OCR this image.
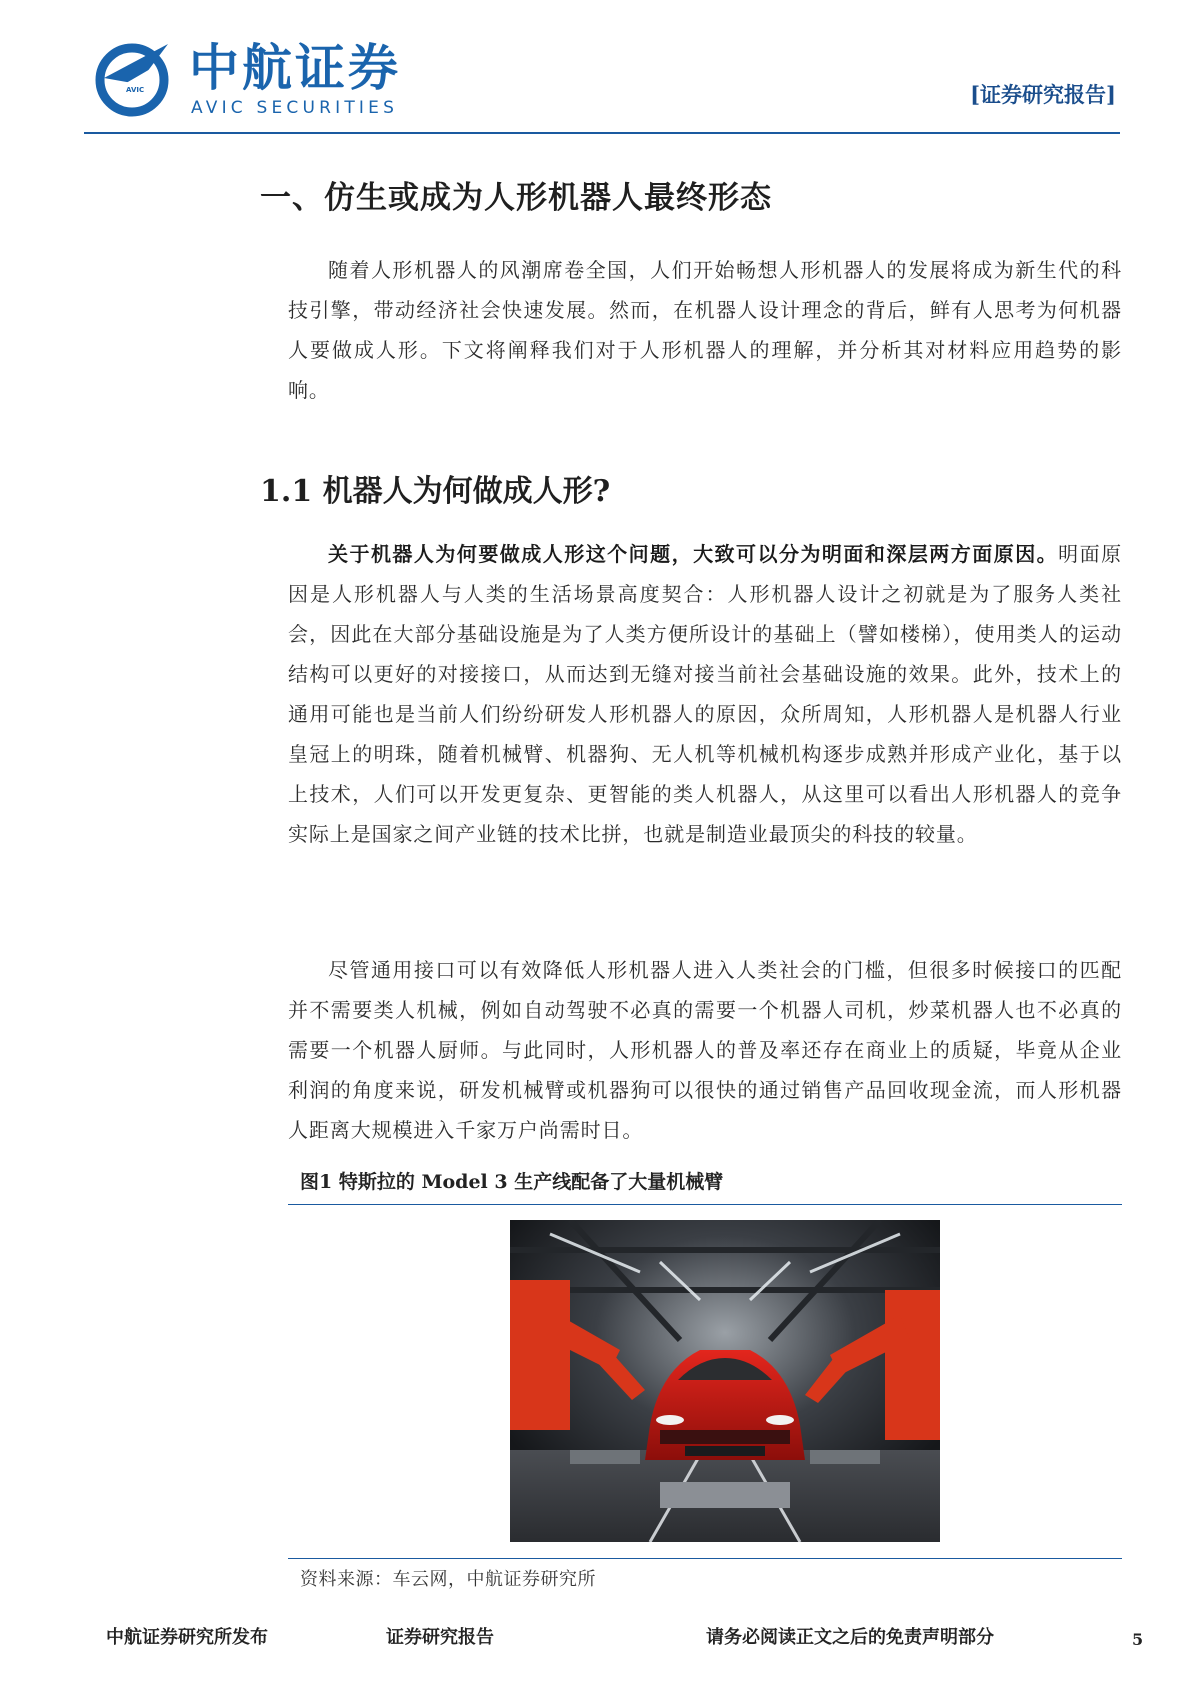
AVIC 中航证券
AVIC SECURITIES
[证券研究报告]
一、仿生或成为人形机器人最终形态

随着人形机器人的风潮席卷全国，人们开始畅想人形机器人的发展将成为新生代的科技引擎，带动经济社会快速发展。然而，在机器人设计理念的背后，鲜有人思考为何机器人要做成人形。下文将阐释我们对于人形机器人的理解，并分析其对材料应用趋势的影响。

1.1 机器人为何做成人形?

关于机器人为何要做成人形这个问题，大致可以分为明面和深层两方面原因。明面原因是人形机器人与人类的生活场景高度契合：人形机器人设计之初就是为了服务人类社会，因此在大部分基础设施是为了人类方便所设计的基础上（譬如楼梯），使用类人的运动结构可以更好的对接接口，从而达到无缝对接当前社会基础设施的效果。此外，技术上的通用可能也是当前人们纷纷研发人形机器人的原因，众所周知，人形机器人是机器人行业皇冠上的明珠，随着机械臂、机器狗、无人机等机械机构逐步成熟并形成产业化，基于以上技术，人们可以开发更复杂、更智能的类人机器人，从这里可以看出人形机器人的竞争实际上是国家之间产业链的技术比拼，也就是制造业最顶尖的科技的较量。

尽管通用接口可以有效降低人形机器人进入人类社会的门槛，但很多时候接口的匹配并不需要类人机械，例如自动驾驶不必真的需要一个机器人司机，炒菜机器人也不必真的需要一个机器人厨师。与此同时，人形机器人的普及率还存在商业上的质疑，毕竟从企业利润的角度来说，研发机械臂或机器狗可以很快的通过销售产品回收现金流，而人形机器人距离大规模进入千家万户尚需时日。

图1 特斯拉的 Model 3 生产线配备了大量机械臂
资料来源：车云网，中航证券研究所
中航证券研究所发布	证券研究报告	请务必阅读正文之后的免责声明部分	5
